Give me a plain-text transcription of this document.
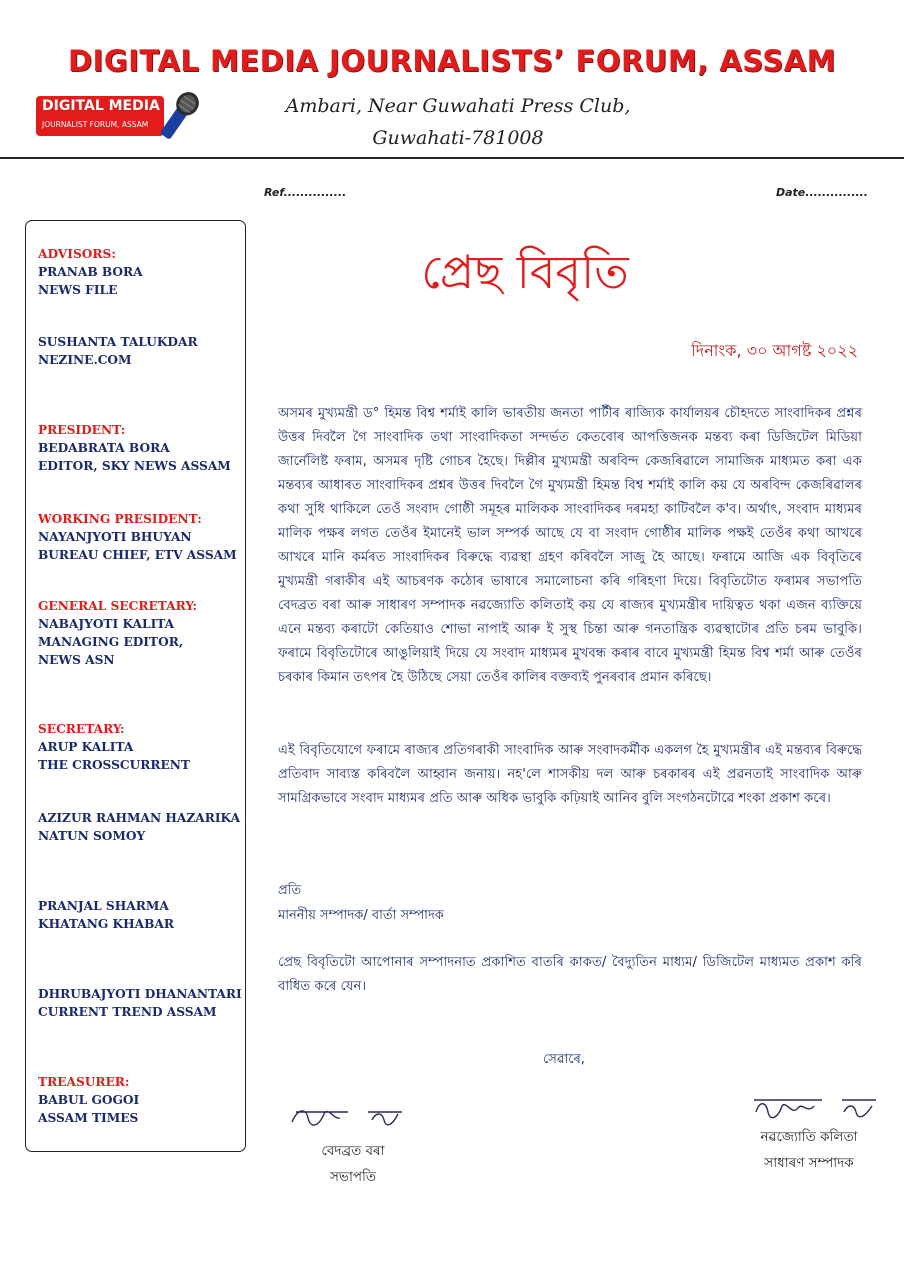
DIGITAL MEDIA JOURNALISTS’ FORUM, ASSAM
DIGITAL MEDIA
JOURNALIST FORUM, ASSAM
Ambari, Near Guwahati Press Club,
Guwahati-781008
Ref...............	Date...............
ADVISORS:
PRANAB BORA
NEWS FILE
SUSHANTA TALUKDAR
NEZINE.COM
PRESIDENT:
BEDABRATA BORA
EDITOR, SKY NEWS ASSAM
WORKING PRESIDENT:
NAYANJYOTI BHUYAN
BUREAU CHIEF, ETV ASSAM
GENERAL SECRETARY:
NABAJYOTI KALITA
MANAGING EDITOR,
NEWS ASN
SECRETARY:
ARUP KALITA
THE CROSSCURRENT
AZIZUR RAHMAN HAZARIKA
NATUN SOMOY
PRANJAL SHARMA
KHATANG KHABAR
DHRUBAJYOTI DHANANTARI
CURRENT TREND ASSAM
TREASURER:
BABUL GOGOI
ASSAM TIMES
প্ৰেছ বিবৃতি
দিনাংক, ৩০ আগষ্ট ২০২২

অসমৰ মুখ্যমন্ত্ৰী ড° হিমন্ত বিশ্ব শৰ্মাই কালি ভাৰতীয় জনতা পাৰ্টীৰ ৰাজ্যিক কাৰ্যালয়ৰ চৌহদতে সাংবাদিকৰ প্ৰশ্নৰ উত্তৰ দিবলৈ গৈ সাংবাদিক তথা সাংবাদিকতা সন্দৰ্ভত কেতবোৰ আপত্তিজনক মন্তব্য কৰা ডিজিটেল মিডিয়া জাৰ্নেলিষ্ট ফৰাম, অসমৰ দৃষ্টি গোচৰ হৈছে। দিল্লীৰ মুখ্যমন্ত্ৰী অৰবিন্দ কেজৰিৱালে সামাজিক মাধ্যমত কৰা এক মন্তব্যৰ আধাৰত সাংবাদিকৰ প্ৰশ্নৰ উত্তৰ দিবলৈ গৈ মুখ্যমন্ত্ৰী হিমন্ত বিশ্ব শৰ্মাই কালি কয় যে অৰবিন্দ কেজৰিৱালৰ কথা সুধি থাকিলে তেওঁ সংবাদ গোষ্ঠী সমূহৰ মালিকক সাংবাদিকৰ দৰমহা কাটিবলৈ ক'ব। অৰ্থাৎ, সংবাদ মাধ্যমৰ মালিক পক্ষৰ লগত তেওঁৰ ইমানেই ভাল সম্পৰ্ক আছে যে বা সংবাদ গোষ্ঠীৰ মালিক পক্ষই তেওঁৰ কথা আখৰে আখৰে মানি কৰ্মৰত সাংবাদিকৰ বিৰুদ্ধে ব্যৱস্থা গ্ৰহণ কৰিবলৈ সাজু হৈ আছে। ফৰামে আজি এক বিবৃতিৰে মুখ্যমন্ত্ৰী গৰাকীৰ এই আচৰণক কঠোৰ ভাষাৰে সমালোচনা কৰি গৰিহণা দিয়ে। বিবৃতিটোত ফৰামৰ সভাপতি বেদব্ৰত বৰা আৰু সাধাৰণ সম্পাদক নৱজ্যোতি কলিতাই কয় যে ৰাজ্যৰ মুখ্যমন্ত্ৰীৰ দায়িত্বত থকা এজন ব্যক্তিয়ে এনে মন্তব্য কৰাটো কেতিয়াও শোভা নাপাই আৰু ই সুস্থ চিন্তা আৰু গনতান্ত্ৰিক ব্যৱস্থাটোৰ প্ৰতি চৰম ভাবুকি। ফৰামে বিবৃতিটোৰে আঙুলিয়াই দিয়ে যে সংবাদ মাধ্যমৰ মুখবন্ধ কৰাৰ বাবে মুখ্যমন্ত্ৰী হিমন্ত বিশ্ব শৰ্মা আৰু তেওঁৰ চৰকাৰ কিমান তৎপৰ হৈ উঠিছে সেয়া তেওঁৰ কালিৰ বক্তব্যই পুনৰবাৰ প্ৰমান কৰিছে।

এই বিবৃতিযোগে ফৰামে ৰাজ্যৰ প্ৰতিগৰাকী সাংবাদিক আৰু সংবাদকৰ্মীক একলগ হৈ মুখ্যমন্ত্ৰীৰ এই মন্তব্যৰ বিৰুদ্ধে প্ৰতিবাদ সাব্যস্ত কৰিবলৈ আহ্বান জনায়। নহ'লে শাসকীয় দল আৰু চৰকাৰৰ এই প্ৰৱনতাই সাংবাদিক আৰু সামগ্ৰিকভাবে সংবাদ মাধ্যমৰ প্ৰতি আৰু অধিক ভাবুকি কঢ়িয়াই আনিব বুলি সংগঠনটোৱে শংকা প্ৰকাশ কৰে।

প্ৰতি
মাননীয় সম্পাদক/ বাৰ্তা সম্পাদক

প্ৰেছ বিবৃতিটো আপোনাৰ সম্পাদনাত প্ৰকাশিত বাতৰি কাকত/ বৈদ্যুতিন মাধ্যম/ ডিজিটেল মাধ্যমত প্ৰকাশ কৰি বাধিত কৰে যেন।

সেৱাৰে,
বেদব্ৰত বৰা
সভাপতি
নৱজ্যোতি কলিতা
সাধাৰণ সম্পাদক
